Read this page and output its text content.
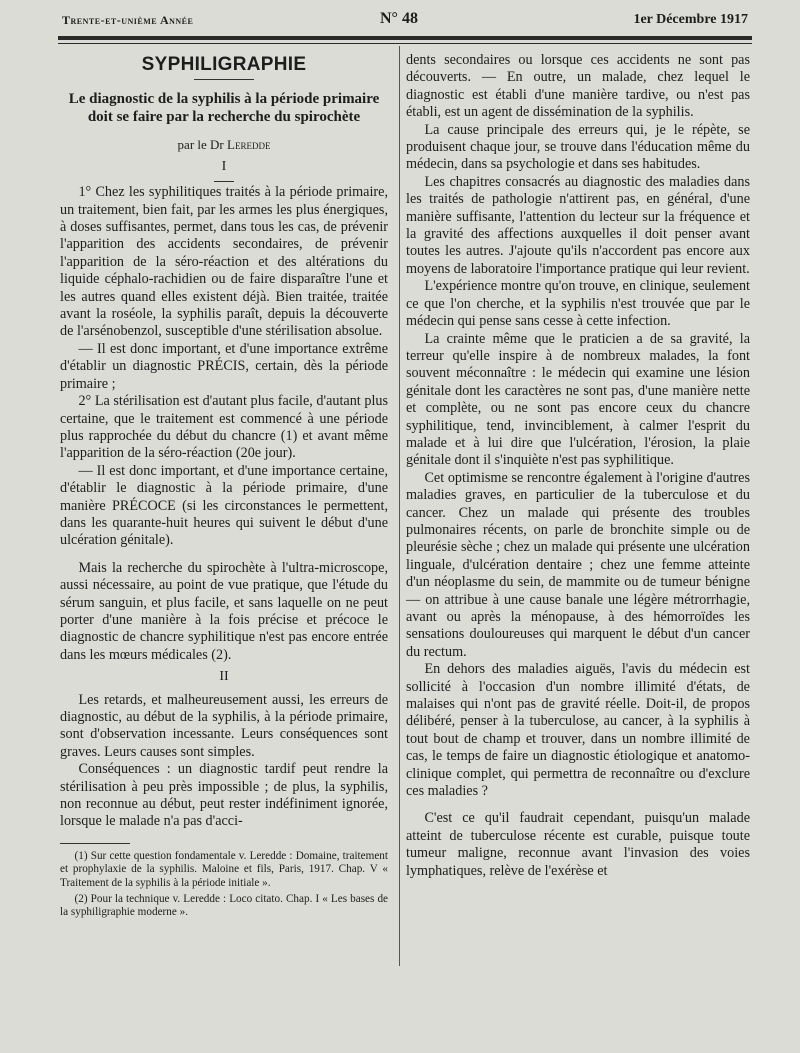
Trente-et-unième Année	N° 48	1er Décembre 1917
SYPHILIGRAPHIE
Le diagnostic de la syphilis à la période primaire
doit se faire par la recherche du spirochète
par le Dr Leredde
I

1° Chez les syphilitiques traités à la période primaire, un traitement, bien fait, par les armes les plus énergiques, à doses suffisantes, permet, dans tous les cas, de prévenir l'apparition des accidents secondaires, de prévenir l'apparition de la séro-réaction et des altérations du liquide céphalo-rachidien ou de faire disparaître l'une et les autres quand elles existent déjà. Bien traitée, traitée avant la roséole, la syphilis paraît, depuis la découverte de l'arsénobenzol, susceptible d'une stérilisation absolue.

— Il est donc important, et d'une importance extrême d'établir un diagnostic PRÉCIS, certain, dès la période primaire ;

2° La stérilisation est d'autant plus facile, d'autant plus certaine, que le traitement est commencé à une période plus rapprochée du début du chancre (1) et avant même l'apparition de la séro-réaction (20e jour).

— Il est donc important, et d'une importance certaine, d'établir le diagnostic à la période primaire, d'une manière PRÉCOCE (si les circonstances le permettent, dans les quarante-huit heures qui suivent le début d'une ulcération génitale).

Mais la recherche du spirochète à l'ultra-microscope, aussi nécessaire, au point de vue pratique, que l'étude du sérum sanguin, et plus facile, et sans laquelle on ne peut porter d'une manière à la fois précise et précoce le diagnostic de chancre syphilitique n'est pas encore entrée dans les mœurs médicales (2).

II

Les retards, et malheureusement aussi, les erreurs de diagnostic, au début de la syphilis, à la période primaire, sont d'observation incessante. Leurs conséquences sont graves. Leurs causes sont simples.

Conséquences : un diagnostic tardif peut rendre la stérilisation à peu près impossible ; de plus, la syphilis, non reconnue au début, peut rester indéfiniment ignorée, lorsque le malade n'a pas d'acci-

(1) Sur cette question fondamentale v. Leredde : Domaine, traitement et prophylaxie de la syphilis. Maloine et fils, Paris, 1917. Chap. V « Traitement de la syphilis à la période initiale ».

(2) Pour la technique v. Leredde : Loco citato. Chap. I « Les bases de la syphiligraphie moderne ».

dents secondaires ou lorsque ces accidents ne sont pas découverts. — En outre, un malade, chez lequel le diagnostic est établi d'une manière tardive, ou n'est pas établi, est un agent de dissémination de la syphilis.

La cause principale des erreurs qui, je le répète, se produisent chaque jour, se trouve dans l'éducation même du médecin, dans sa psychologie et dans ses habitudes.

Les chapitres consacrés au diagnostic des maladies dans les traités de pathologie n'attirent pas, en général, d'une manière suffisante, l'attention du lecteur sur la fréquence et la gravité des affections auxquelles il doit penser avant toutes les autres. J'ajoute qu'ils n'accordent pas encore aux moyens de laboratoire l'importance pratique qui leur revient.

L'expérience montre qu'on trouve, en clinique, seulement ce que l'on cherche, et la syphilis n'est trouvée que par le médecin qui pense sans cesse à cette infection.

La crainte même que le praticien a de sa gravité, la terreur qu'elle inspire à de nombreux malades, la font souvent méconnaître : le médecin qui examine une lésion génitale dont les caractères ne sont pas, d'une manière nette et complète, ou ne sont pas encore ceux du chancre syphilitique, tend, invinciblement, à calmer l'esprit du malade et à lui dire que l'ulcération, l'érosion, la plaie génitale dont il s'inquiète n'est pas syphilitique.

Cet optimisme se rencontre également à l'origine d'autres maladies graves, en particulier de la tuberculose et du cancer. Chez un malade qui présente des troubles pulmonaires récents, on parle de bronchite simple ou de pleurésie sèche ; chez un malade qui présente une ulcération linguale, d'ulcération dentaire ; chez une femme atteinte d'un néoplasme du sein, de mammite ou de tumeur bénigne — on attribue à une cause banale une légère métrorrhagie, avant ou après la ménopause, à des hémorroïdes les sensations douloureuses qui marquent le début d'un cancer du rectum.

En dehors des maladies aiguës, l'avis du médecin est sollicité à l'occasion d'un nombre illimité d'états, de malaises qui n'ont pas de gravité réelle. Doit-il, de propos délibéré, penser à la tuberculose, au cancer, à la syphilis à tout bout de champ et trouver, dans un nombre illimité de cas, le temps de faire un diagnostic étiologique et anatomo-clinique complet, qui permettra de reconnaître ou d'exclure ces maladies ?

C'est ce qu'il faudrait cependant, puisqu'un malade atteint de tuberculose récente est curable, puisque toute tumeur maligne, reconnue avant l'invasion des voies lymphatiques, relève de l'exérèse et
